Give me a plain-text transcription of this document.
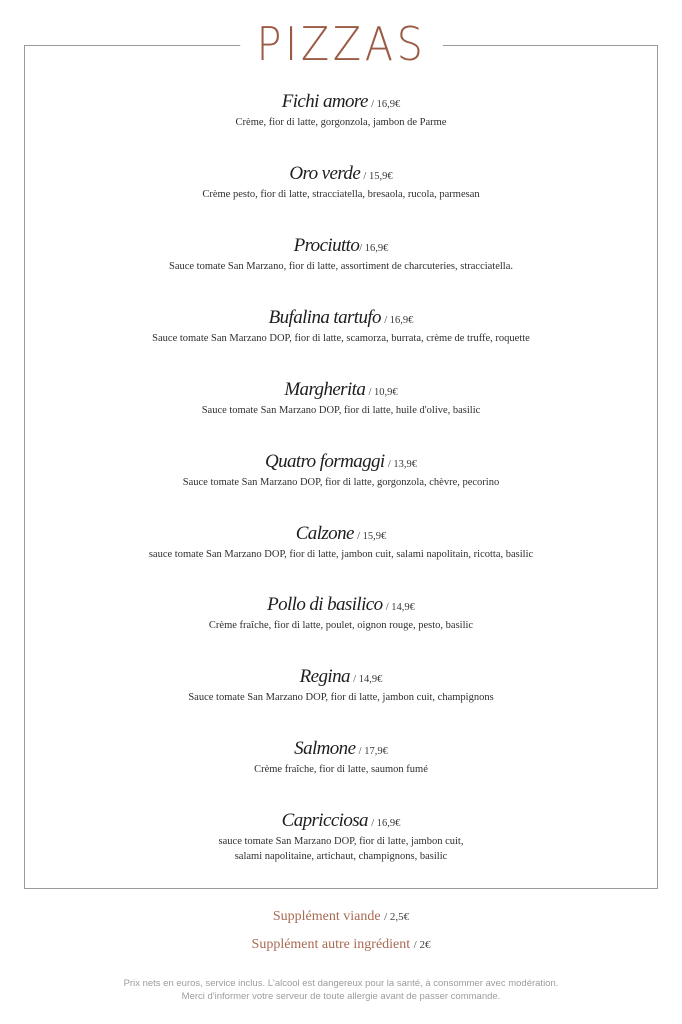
PIZZAS
Fichi amore / 16,9€
Crème, fior di latte, gorgonzola, jambon de Parme
Oro verde / 15,9€
Crème pesto, fior di latte, stracciatella, bresaola, rucola, parmesan
Prociutto/ 16,9€
Sauce tomate San Marzano, fior di latte, assortiment de charcuteries, stracciatella.
Bufalina tartufo / 16,9€
Sauce tomate San Marzano DOP, fior di latte, scamorza, burrata, crème de truffe, roquette
Margherita / 10,9€
Sauce tomate San Marzano DOP, fior di latte, huile d'olive, basilic
Quatro formaggi / 13,9€
Sauce tomate San Marzano DOP, fior di latte, gorgonzola, chèvre, pecorino
Calzone / 15,9€
sauce tomate San Marzano DOP, fior di latte, jambon cuit, salami napolitain, ricotta, basilic
Pollo di basilico / 14,9€
Crème fraîche, fior di latte, poulet, oignon rouge, pesto, basilic
Regina / 14,9€
Sauce tomate San Marzano DOP, fior di latte, jambon cuit, champignons
Salmone / 17,9€
Crème fraîche, fior di latte, saumon fumé
Capricciosa / 16,9€
sauce tomate San Marzano DOP, fior di latte, jambon cuit,
salami napolitaine, artichaut, champignons, basilic
Supplément viande / 2,5€
Supplément autre ingrédient / 2€
Prix nets en euros, service inclus. L'alcool est dangereux pour la santé, à consommer avec modération.
Merci d'informer votre serveur de toute allergie avant de passer commande.
